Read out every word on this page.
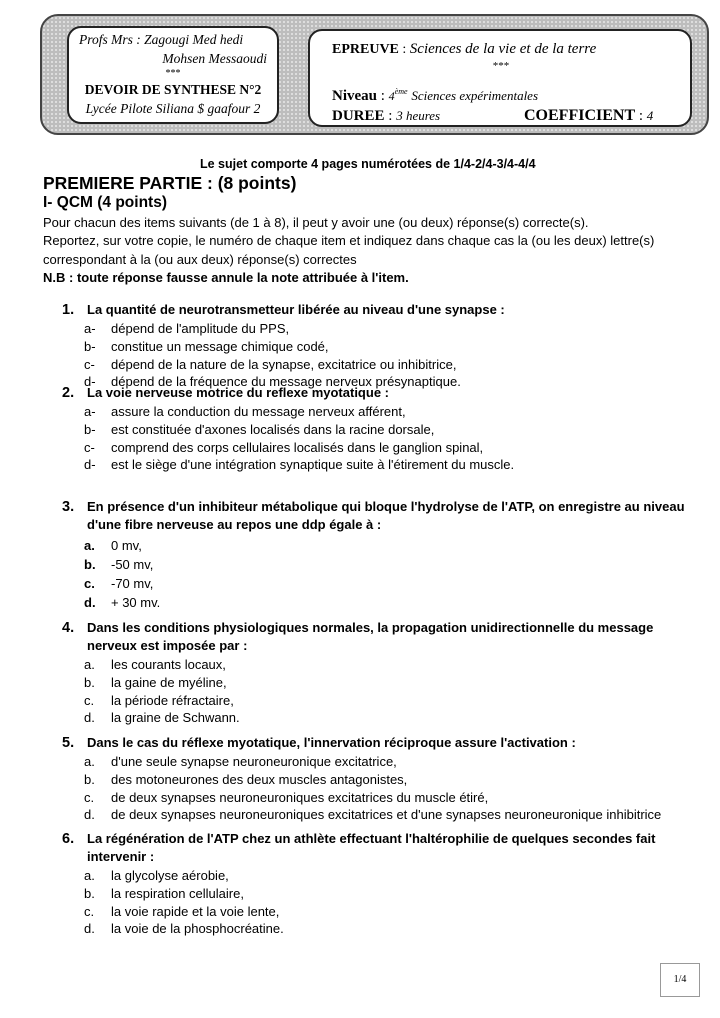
Profs Mrs : Zagougi Med hedi
Mohsen Messaoudi
***
DEVOIR DE SYNTHESE N°2
Lycée Pilote Siliana $ gaafour 2
EPREUVE : Sciences de la vie et de la terre
***
Niveau : 4ème Sciences expérimentales
DUREE : 3 heures	COEFFICIENT : 4
Le sujet comporte 4 pages numérotées de 1/4-2/4-3/4-4/4
PREMIERE PARTIE : (8 points)
I- QCM (4 points)
Pour chacun des items suivants (de 1 à 8), il peut y avoir une (ou deux) réponse(s) correcte(s).
Reportez, sur votre copie, le numéro de chaque item et indiquez dans chaque cas la (ou les deux) lettre(s) correspondant à la (ou aux deux) réponse(s) correctes
N.B : toute réponse fausse annule la note attribuée à l'item.
1. La quantité de neurotransmetteur libérée au niveau d'une synapse :
a-	dépend de l'amplitude du PPS,
b-	constitue un message chimique codé,
c-	dépend de la nature de la synapse, excitatrice ou inhibitrice,
d-	dépend de la fréquence du message nerveux présynaptique.
2. La voie nerveuse motrice du reflexe myotatique :
a-	assure la conduction du message nerveux afférent,
b-	est constituée d'axones localisés dans la racine dorsale,
c-	comprend des corps cellulaires localisés dans le ganglion spinal,
d-	est le siège d'une intégration synaptique suite à l'étirement du muscle.
3. En présence d'un inhibiteur métabolique qui bloque l'hydrolyse de l'ATP, on enregistre au niveau d'une fibre nerveuse au repos une ddp égale à :
a.	0 mv,
b.	-50 mv,
c.	-70 mv,
d.	+ 30 mv.
4. Dans les conditions physiologiques normales, la propagation unidirectionnelle du message nerveux est imposée par :
a.	les courants locaux,
b.	la gaine de myéline,
c.	la période réfractaire,
d.	la graine de Schwann.
5. Dans le cas du réflexe myotatique, l'innervation réciproque assure l'activation :
a.	d'une seule synapse neuroneuronique excitatrice,
b.	des motoneurones des deux muscles antagonistes,
c.	de deux synapses neuroneuroniques excitatrices du muscle étiré,
d.	de deux synapses neuroneuroniques excitatrices et d'une synapses neuroneuronique inhibitrice
6. La régénération de l'ATP chez un athlète effectuant l'haltérophilie de quelques secondes fait intervenir :
a.	la glycolyse aérobie,
b.	la respiration cellulaire,
c.	la voie rapide et la voie lente,
d.	la voie de la phosphocréatine.
1/4
